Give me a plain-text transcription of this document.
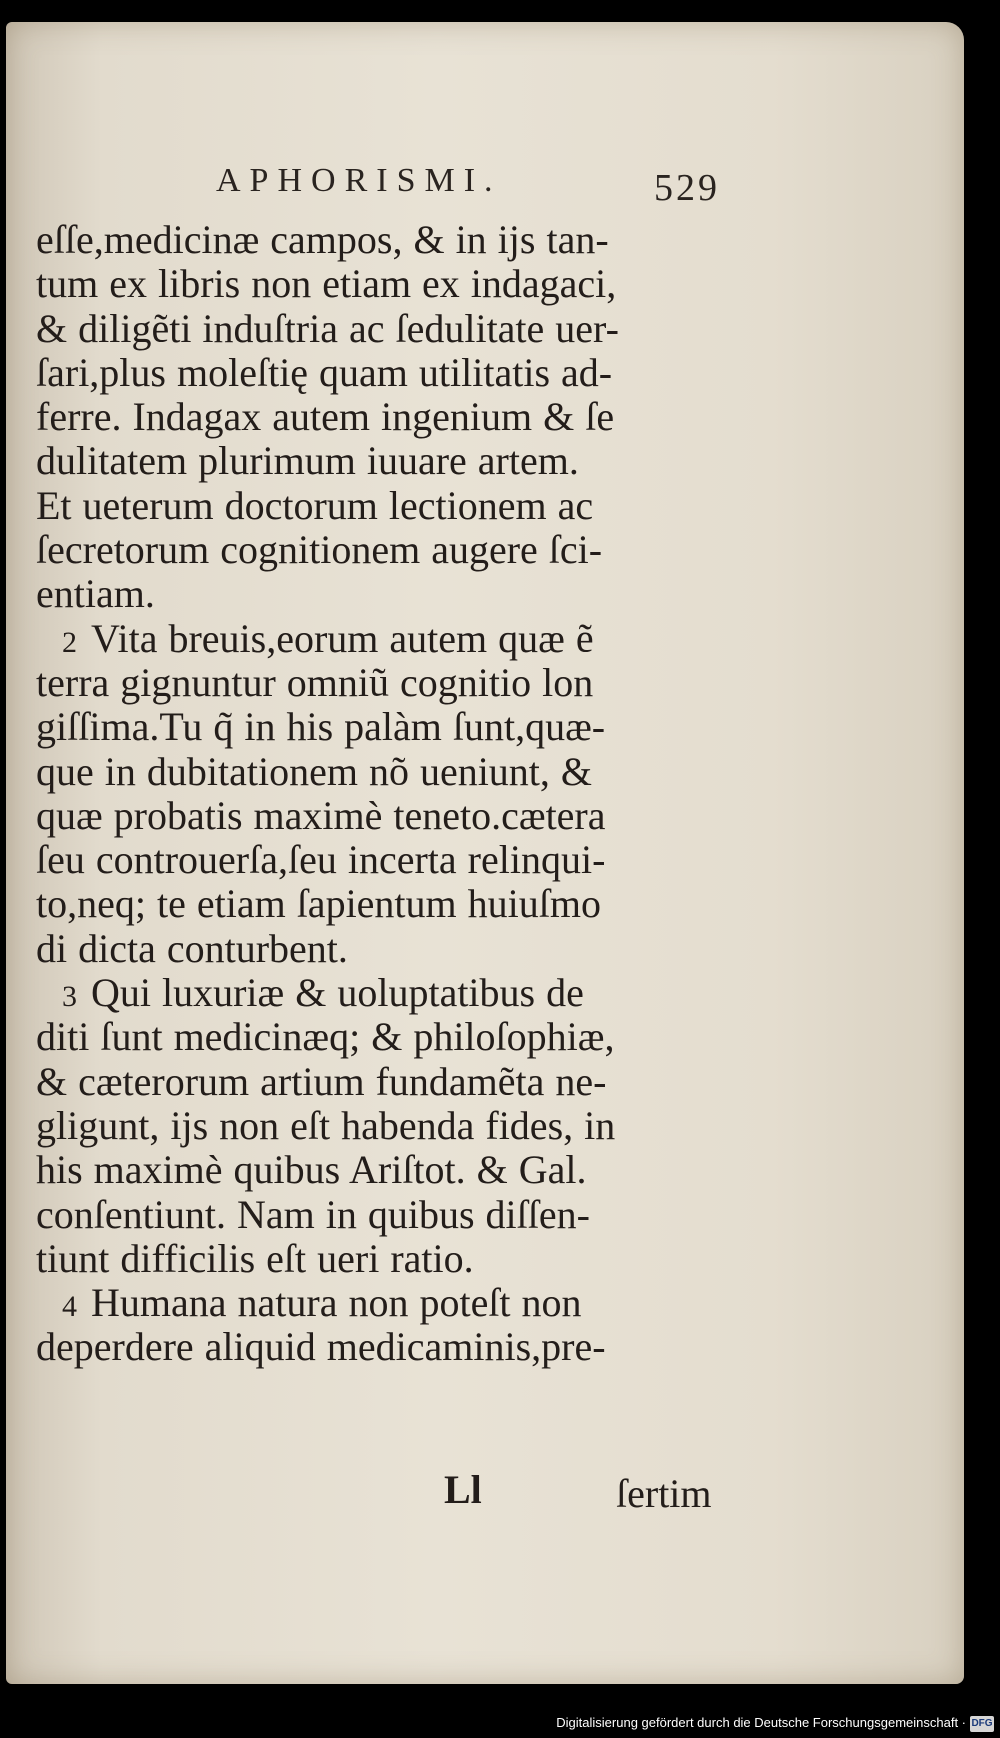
APHORISMI.	529
eſſe,medicinæ campos, & in ijs tan-
tum ex libris non etiam ex indagaci,
& diligẽti induſtria ac ſedulitate uer-
ſari,plus moleſtię quam utilitatis ad-
ferre. Indagax autem ingenium & ſe
dulitatem plurimum iuuare artem.
Et ueterum doctorum lectionem ac
ſecretorum cognitionem augere ſci-
entiam.
2 Vita breuis,eorum autem quæ ẽ
terra gignuntur omniũ cognitio lon
giſſima.Tu q̃ in his palàm ſunt,quæ-
que in dubitationem nõ ueniunt, &
quæ probatis maximè teneto.cætera
ſeu controuerſa,ſeu incerta relinqui-
to,neq; te etiam ſapientum huiuſmo
di dicta conturbent.
3 Qui luxuriæ & uoluptatibus de
diti ſunt medicinæq; & philoſophiæ,
& cæterorum artium fundamẽta ne-
gligunt, ijs non eſt habenda fides, in
his maximè quibus Ariſtot. & Gal.
conſentiunt. Nam in quibus diſſen-
tiunt difficilis eſt ueri ratio.
4 Humana natura non poteſt non
deperdere aliquid medicaminis,pre-
Ll	ſertim
Digitalisierung gefördert durch die Deutsche Forschungsgemeinschaft · DFG
